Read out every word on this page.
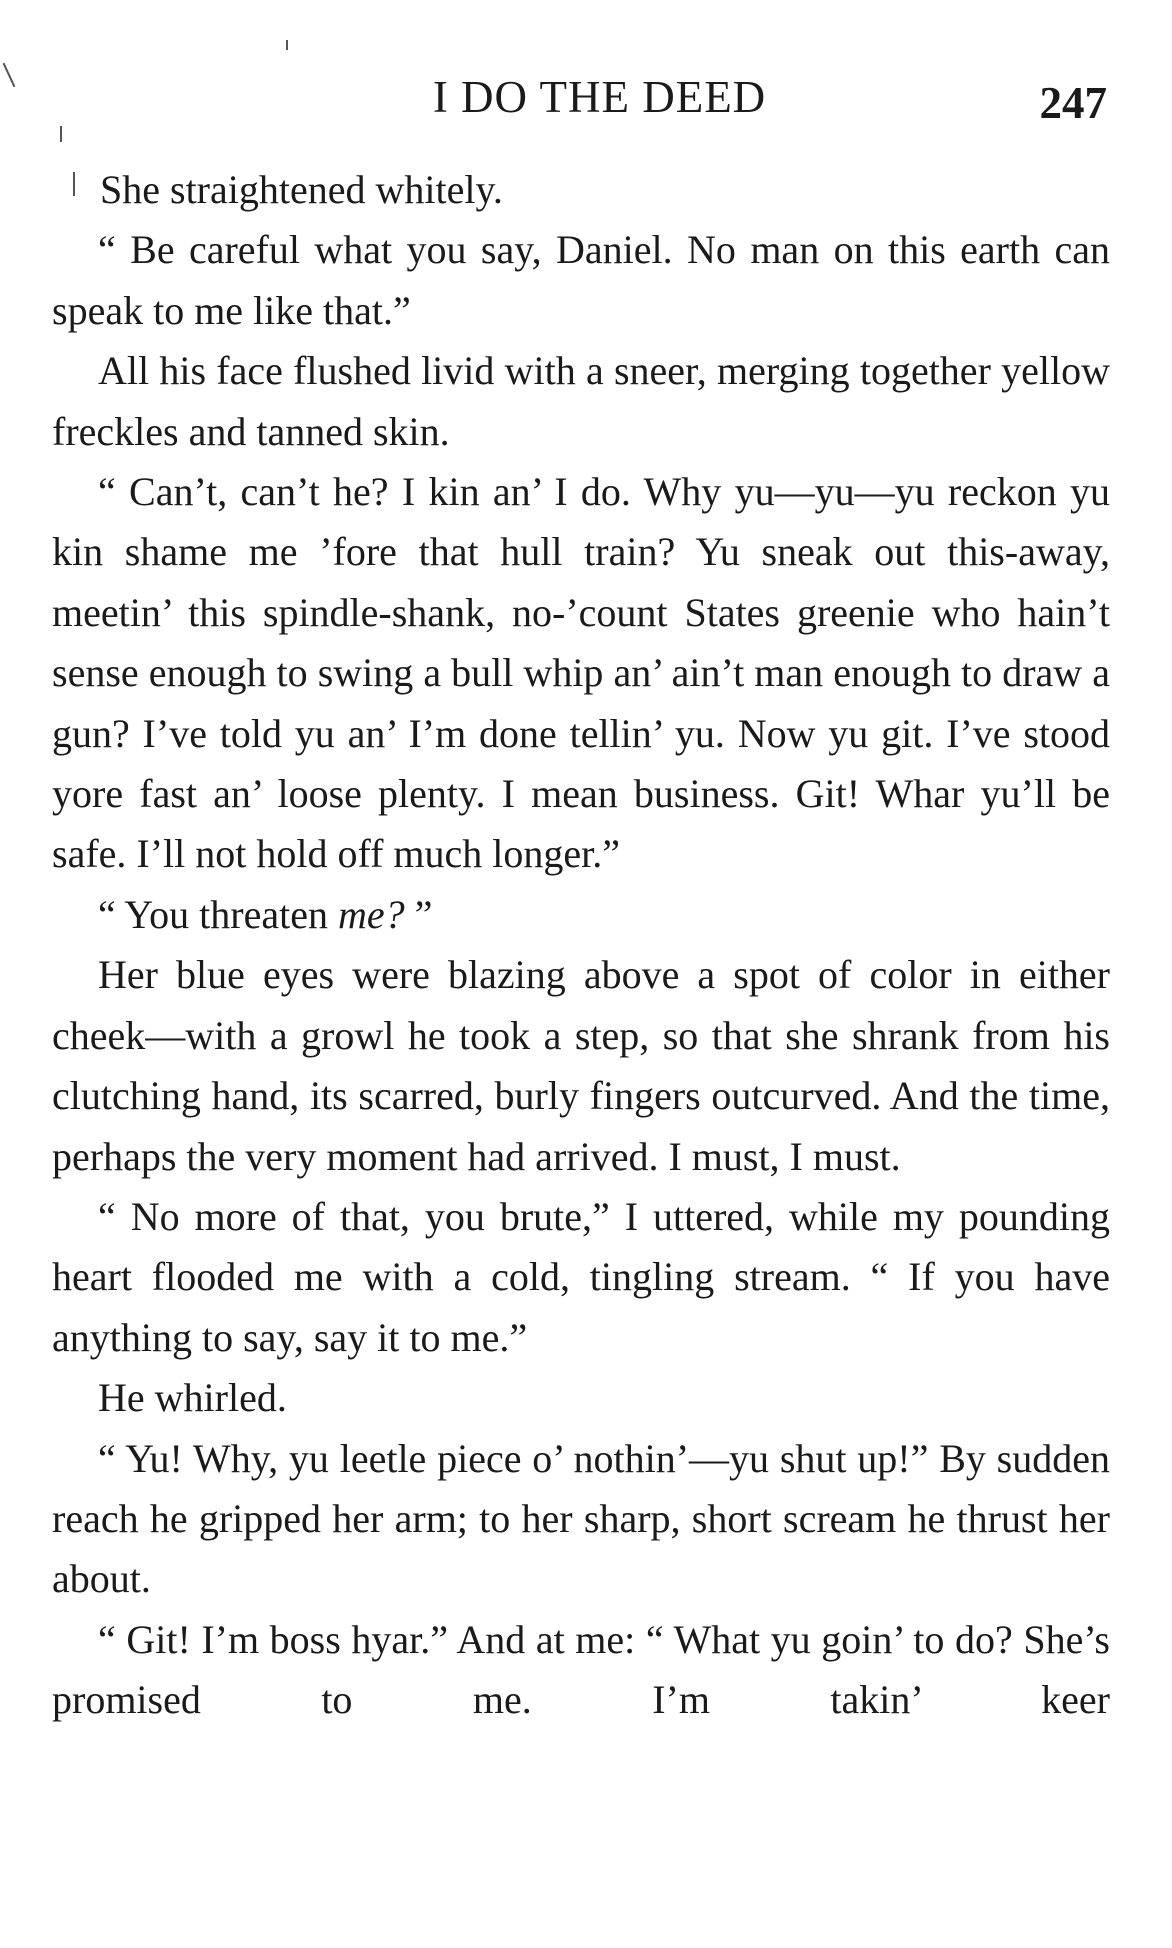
I DO THE DEED	247

She straightened whitely.

“ Be careful what you say, Daniel. No man on this earth can speak to me like that.”

All his face flushed livid with a sneer, merging together yellow freckles and tanned skin.

“ Can’t, can’t he? I kin an’ I do. Why yu—yu—yu reckon yu kin shame me ’fore that hull train? Yu sneak out this-away, meetin’ this spindle-shank, no-’count States greenie who hain’t sense enough to swing a bull whip an’ ain’t man enough to draw a gun? I’ve told yu an’ I’m done tellin’ yu. Now yu git. I’ve stood yore fast an’ loose plenty. I mean business. Git! Whar yu’ll be safe. I’ll not hold off much longer.”

“ You threaten me? ”

Her blue eyes were blazing above a spot of color in either cheek—with a growl he took a step, so that she shrank from his clutching hand, its scarred, burly fingers outcurved. And the time, perhaps the very moment had arrived. I must, I must.

“ No more of that, you brute,” I uttered, while my pounding heart flooded me with a cold, tingling stream. “ If you have anything to say, say it to me.”

He whirled.

“ Yu! Why, yu leetle piece o’ nothin’—yu shut up!” By sudden reach he gripped her arm; to her sharp, short scream he thrust her about.

“ Git! I’m boss hyar.” And at me: “ What yu goin’ to do? She’s promised to me. I’m takin’ keer
